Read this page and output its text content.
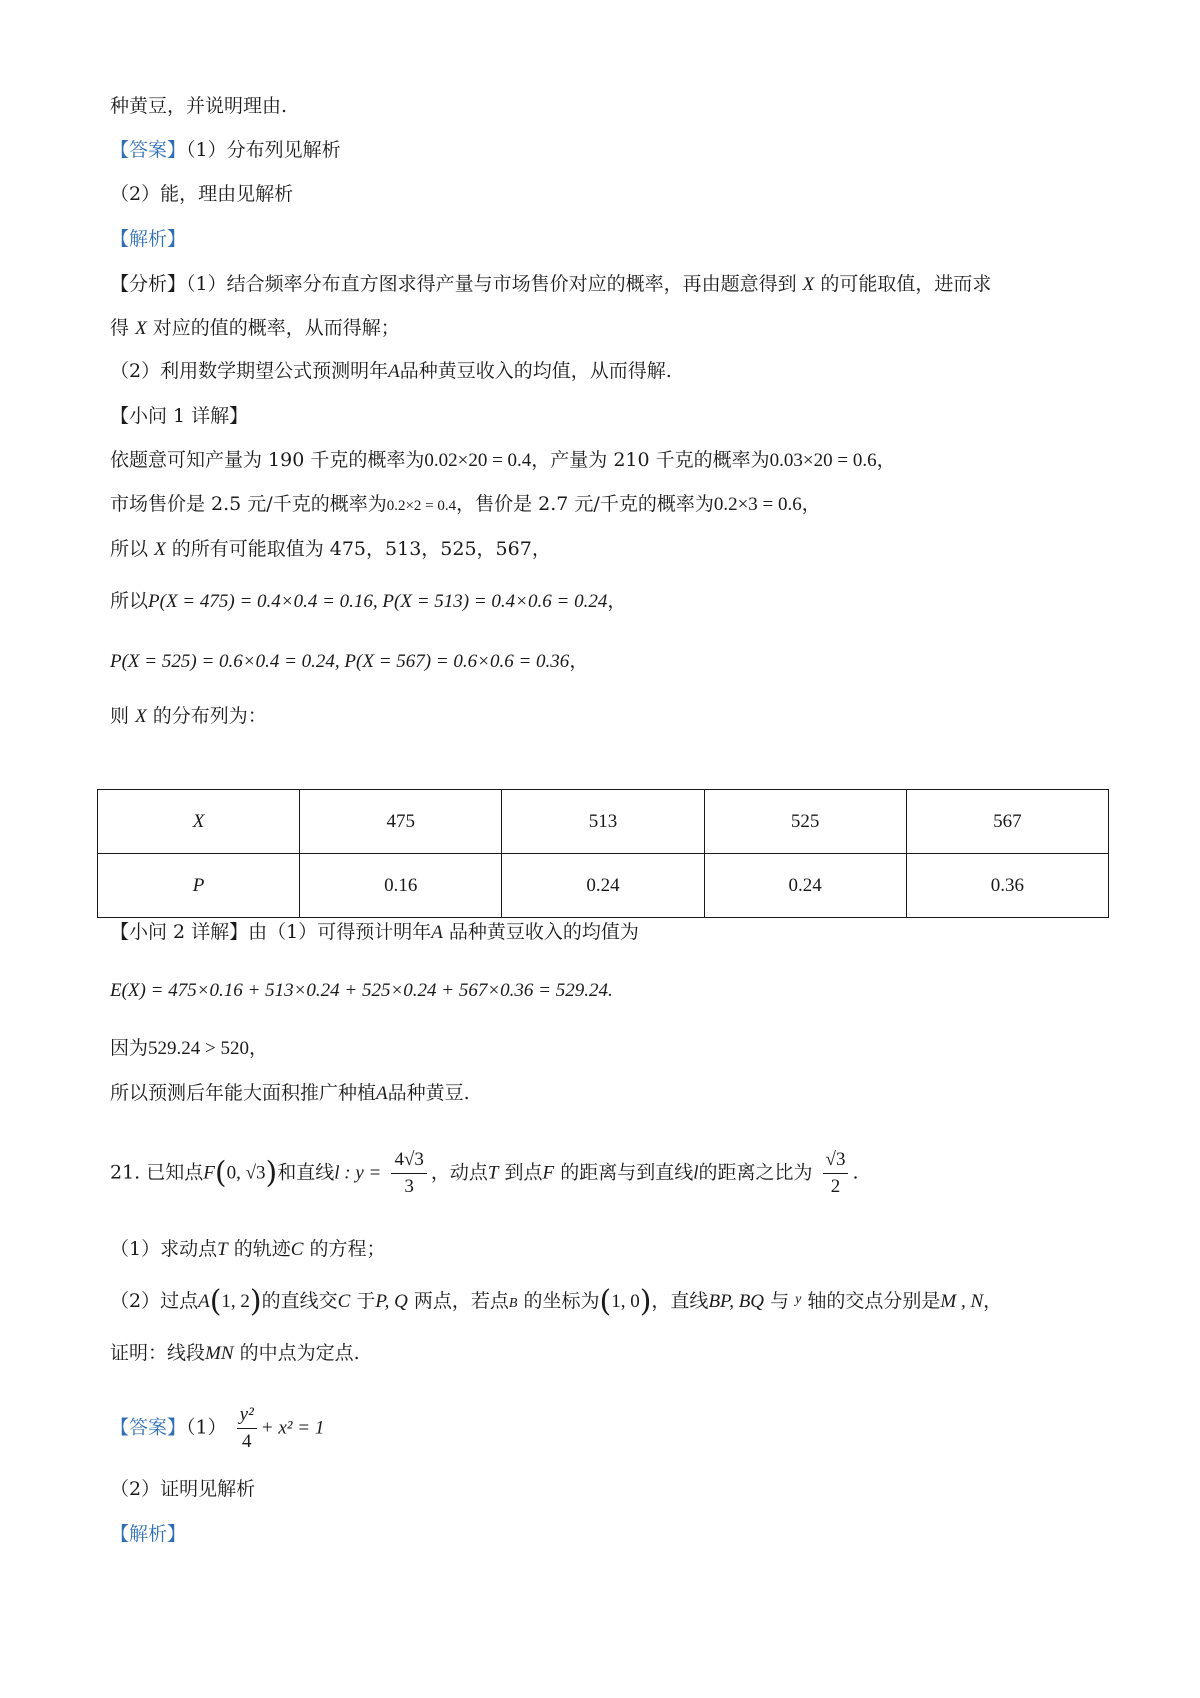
种黄豆，并说明理由.
【答案】（1）分布列见解析
（2）能，理由见解析
【解析】
【分析】（1）结合频率分布直方图求得产量与市场售价对应的概率，再由题意得到 X 的可能取值，进而求
得 X 对应的值的概率，从而得解；
（2）利用数学期望公式预测明年A品种黄豆收入的均值，从而得解.
【小问 1 详解】
依题意可知产量为 190 千克的概率为0.02×20 = 0.4，产量为 210 千克的概率为0.03×20 = 0.6，
市场售价是 2.5 元/千克的概率为0.2×2 = 0.4，售价是 2.7 元/千克的概率为0.2×3 = 0.6，
所以 X 的所有可能取值为 475，513，525，567，
所以P(X = 475) = 0.4×0.4 = 0.16, P(X = 513) = 0.4×0.6 = 0.24，
P(X = 525) = 0.6×0.4 = 0.24, P(X = 567) = 0.6×0.6 = 0.36，
则 X 的分布列为：
X	475	513	525	567
P	0.16	0.24	0.24	0.36
【小问 2 详解】由（1）可得预计明年A 品种黄豆收入的均值为
E(X) = 475×0.16 + 513×0.24 + 525×0.24 + 567×0.36 = 529.24.
因为529.24 > 520，
所以预测后年能大面积推广种植A品种黄豆.
21. 已知点F(0, √3)和直线l : $y = \frac{4√3}{3}$ ，动点T 到点F 的距离与到直线l的距离之比为 $\frac{√3}{2}$ .
（1）求动点T 的轨迹C 的方程；
（2）过点A(1, 2)的直线交C 于P, Q 两点，若点B 的坐标为(1, 0)，直线BP, BQ 与 $^y$ 轴的交点分别是M , N，
证明：线段MN 的中点为定点.
【答案】$(1) \frac{\text{y²}}{4} + x^2 = 1$
（2）证明见解析
【解析】
